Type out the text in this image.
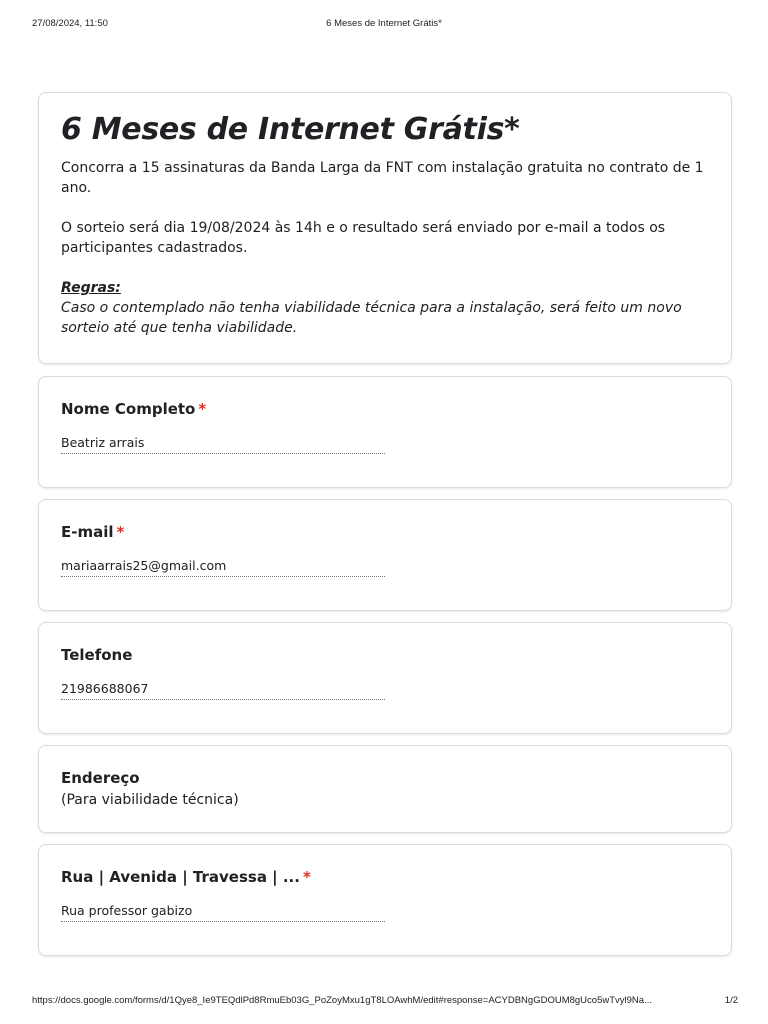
27/08/2024, 11:50	6 Meses de Internet Grátis*
6 Meses de Internet Grátis*

Concorra a 15 assinaturas da Banda Larga da FNT com instalação gratuita no contrato de 1 ano.

O sorteio será dia 19/08/2024 às 14h e o resultado será enviado por e-mail a todos os participantes cadastrados.

Regras:

Caso o contemplado não tenha viabilidade técnica para a instalação, será feito um novo sorteio até que tenha viabilidade.

Nome Completo *
Beatriz arrais
E-mail *
mariaarrais25@gmail.com
Telefone
21986688067
Endereço
(Para viabilidade técnica)
Rua | Avenida | Travessa | ... *
Rua professor gabizo
https://docs.google.com/forms/d/1Qye8_Ie9TEQdlPd8RmuEb03G_PoZoyMxu1gT8LOAwhM/edit#response=ACYDBNgGDOUM8gUco5wTvyl9Na...	1/2
